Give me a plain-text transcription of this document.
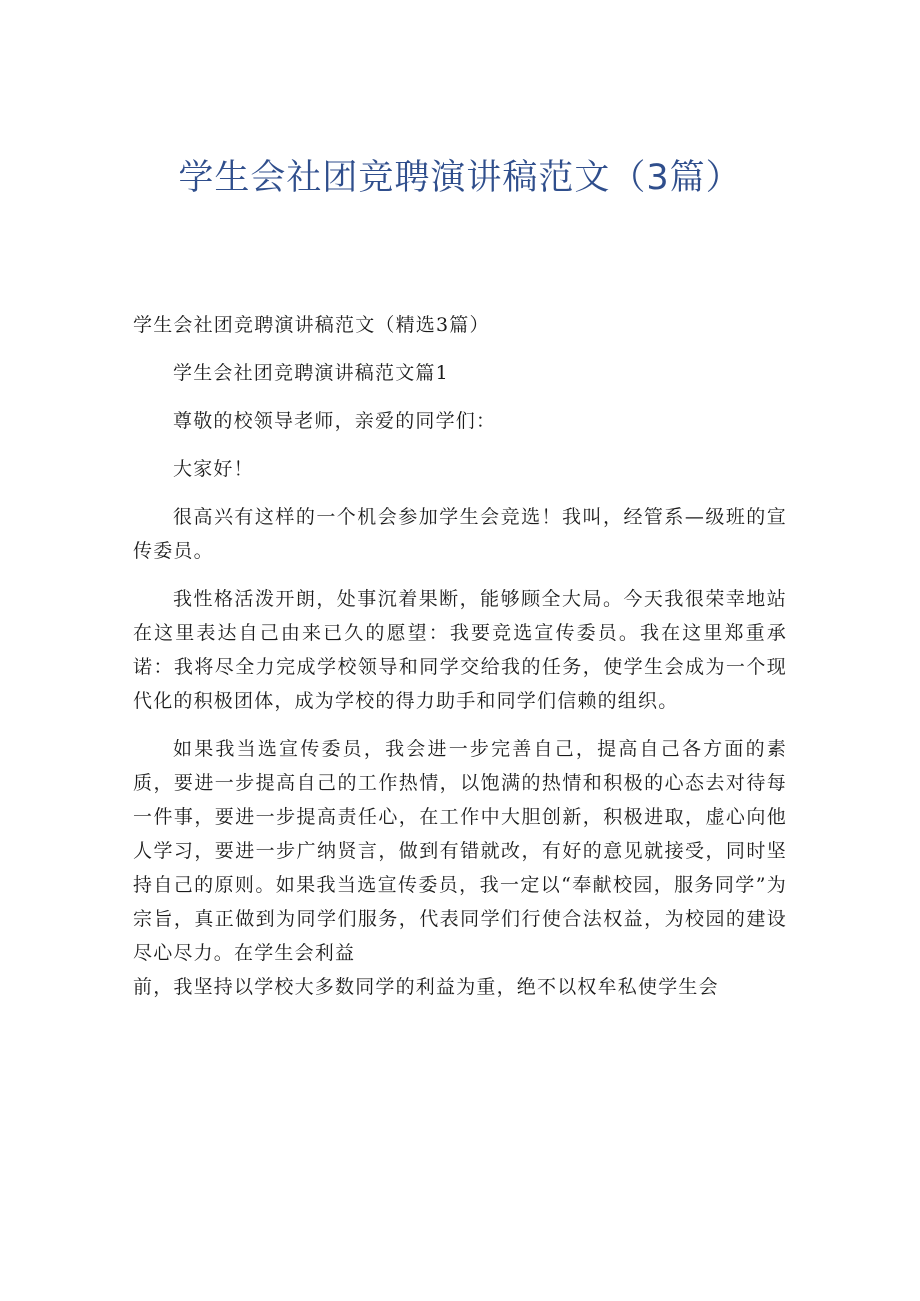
学生会社团竞聘演讲稿范文（3篇）

学生会社团竞聘演讲稿范文（精选3篇）

学生会社团竞聘演讲稿范文篇1

尊敬的校领导老师，亲爱的同学们：

大家好！

很高兴有这样的一个机会参加学生会竞选！我叫，经管系—级班的宣传委员。

我性格活泼开朗，处事沉着果断，能够顾全大局。今天我很荣幸地站在这里表达自己由来已久的愿望：我要竞选宣传委员。我在这里郑重承诺：我将尽全力完成学校领导和同学交给我的任务，使学生会成为一个现代化的积极团体，成为学校的得力助手和同学们信赖的组织。

如果我当选宣传委员，我会进一步完善自己，提高自己各方面的素质，要进一步提高自己的工作热情，以饱满的热情和积极的心态去对待每一件事，要进一步提高责任心，在工作中大胆创新，积极进取，虚心向他人学习，要进一步广纳贤言，做到有错就改，有好的意见就接受，同时坚持自己的原则。如果我当选宣传委员，我一定以“奉献校园，服务同学”为宗旨，真正做到为同学们服务，代表同学们行使合法权益，为校园的建设尽心尽力。在学生会利益

前，我坚持以学校大多数同学的利益为重，绝不以权牟私使学生会
